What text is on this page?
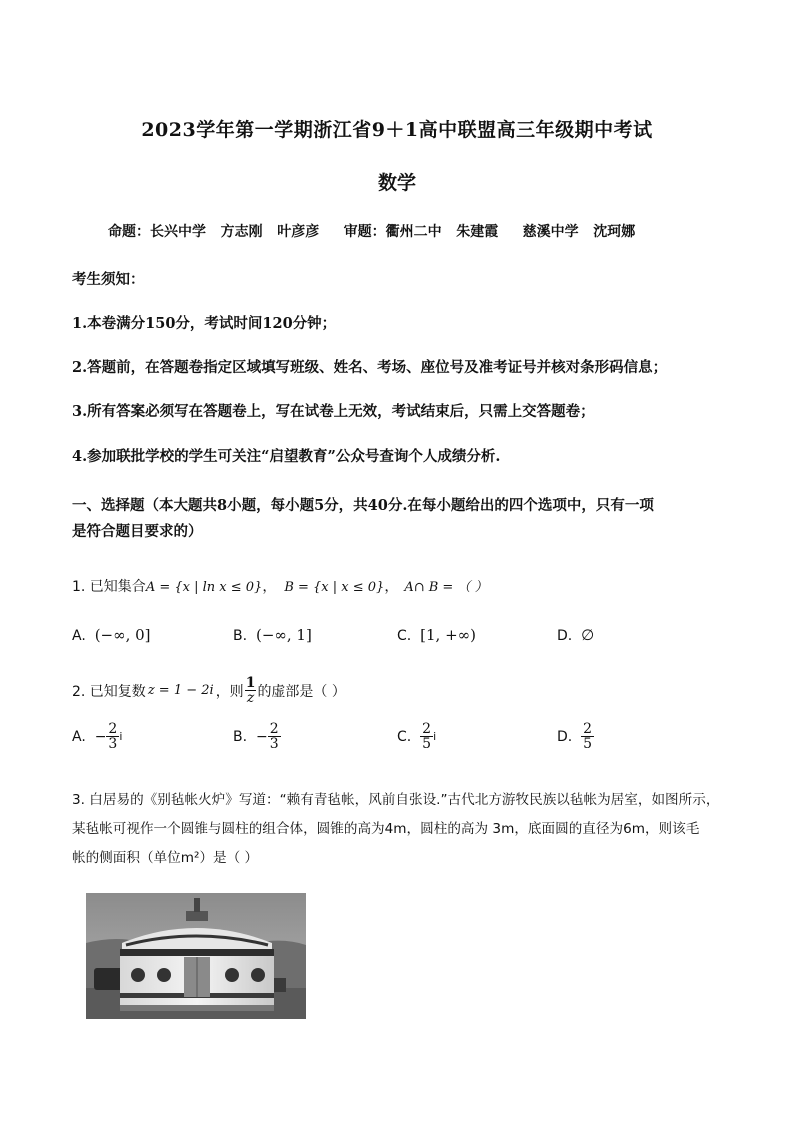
2023学年第一学期浙江省9＋1高中联盟高三年级期中考试
数学
命题：长兴中学   方志刚   叶彦彦     审题：衢州二中   朱建霞     慈溪中学   沈珂娜
考生须知：
1.本卷满分150分，考试时间120分钟；
2.答题前，在答题卷指定区域填写班级、姓名、考场、座位号及准考证号并核对条形码信息；
3.所有答案必须写在答题卷上，写在试卷上无效，考试结束后，只需上交答题卷；
4.参加联批学校的学生可关注“启望教育”公众号查询个人成绩分析.
一、选择题（本大题共8小题，每小题5分，共40分.在每小题给出的四个选项中，只有一项
是符合题目要求的）
1. 已知集合A = {x | ln x ≤ 0}， B = {x | x ≤ 0}， A∩ B = （ ）
A. (−∞, 0]	B. (−∞, 1]	C. [1, +∞)	D. ∅
2. 已知复数 z = 1 − 2i ，则 $\frac{1}{z}$ 的虚部是（ ）
A.
− $\frac{2}{3}$ i	B.
− $\frac{2}{3}$	C.
$\frac{2}{5}$ i	D.
$\frac{2}{5}$
3. 白居易的《别毡帐火炉》写道：“赖有青毡帐，风前自张设.”古代北方游牧民族以毡帐为居室，如图所示，
某毡帐可视作一个圆锥与圆柱的组合体，圆锥的高为4m，圆柱的高为 3m，底面圆的直径为6m，则该毛
帐的侧面积（单位m²）是（ ）
